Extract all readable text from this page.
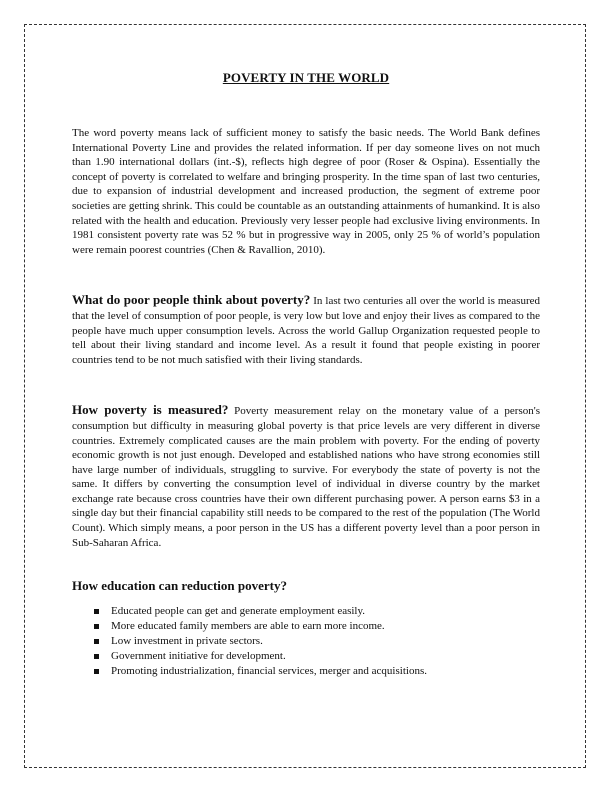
POVERTY IN THE WORLD

The word poverty means lack of sufficient money to satisfy the basic needs. The World Bank defines International Poverty Line and provides the related information. If per day someone lives on not much than 1.90 international dollars (int.-$), reflects high degree of poor (Roser & Ospina). Essentially the concept of poverty is correlated to welfare and bringing prosperity. In the time span of last two centuries, due to expansion of industrial development and increased production, the segment of extreme poor societies are getting shrink. This could be countable as an outstanding attainments of humankind. It is also related with the health and education. Previously very lesser people had exclusive living environments. In 1981 consistent poverty rate was 52 % but in progressive way in 2005, only 25 % of world’s population were remain poorest countries (Chen & Ravallion, 2010).

What do poor people think about poverty? In last two centuries all over the world is measured that the level of consumption of poor people, is very low but love and enjoy their lives as compared to the people have much upper consumption levels. Across the world Gallup Organization requested people to tell about their living standard and income level. As a result it found that people existing in poorer countries tend to be not much satisfied with their living standards.

How poverty is measured? Poverty measurement relay on the monetary value of a person's consumption but difficulty in measuring global poverty is that price levels are very different in diverse countries. Extremely complicated causes are the main problem with poverty. For the ending of poverty economic growth is not just enough. Developed and established nations who have strong economies still have large number of individuals, struggling to survive. For everybody the state of poverty is not the same. It differs by converting the consumption level of individual in diverse country by the market exchange rate because cross countries have their own different purchasing power. A person earns $3 in a single day but their financial capability still needs to be compared to the rest of the population (The World Count). Which simply means, a poor person in the US has a different poverty level than a poor person in Sub-Saharan Africa.

How education can reduction poverty?
Educated people can get and generate employment easily.
More educated family members are able to earn more income.
Low investment in private sectors.
Government initiative for development.
Promoting industrialization, financial services, merger and acquisitions.
